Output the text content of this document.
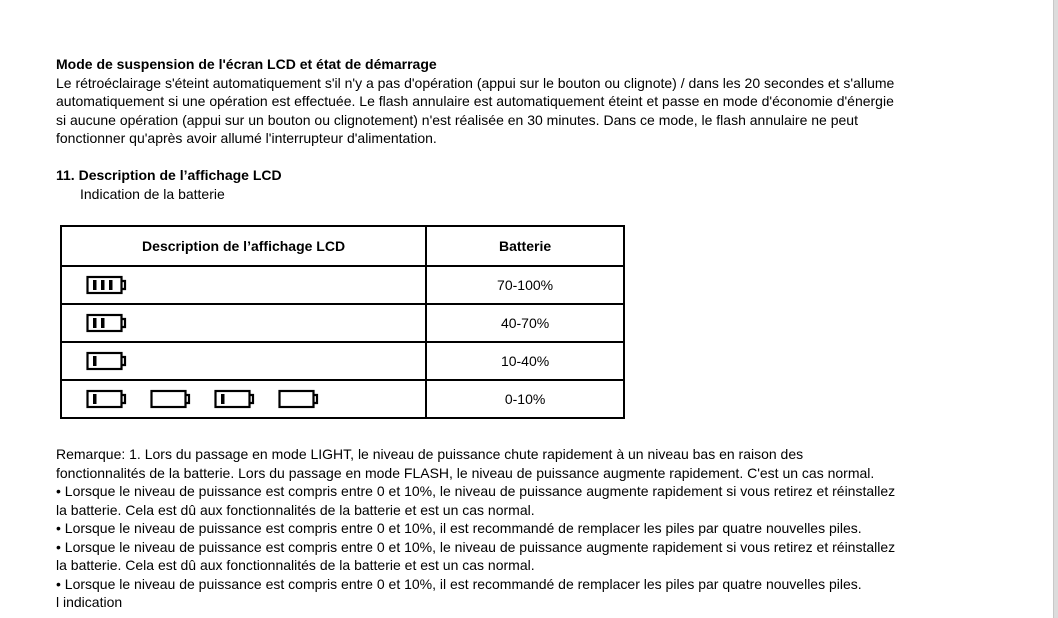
Mode de suspension de l'écran LCD et état de démarrage

Le rétroéclairage s'éteint automatiquement s'il n'y a pas d'opération (appui sur le bouton ou clignote) / dans les 20 secondes et s'allume

automatiquement si une opération est effectuée. Le flash annulaire est automatiquement éteint et passe en mode d'économie d'énergie

si aucune opération (appui sur un bouton ou clignotement) n'est réalisée en 30 minutes. Dans ce mode, le flash annulaire ne peut

fonctionner qu'après avoir allumé l'interrupteur d'alimentation.

11. Description de l’affichage LCD
Indication de la batterie
Description de l’affichage LCD	Batterie

	70-100%

	40-70%

	10-40%

	0-10%

Remarque: 1. Lors du passage en mode LIGHT, le niveau de puissance chute rapidement à un niveau bas en raison des

fonctionnalités de la batterie. Lors du passage en mode FLASH, le niveau de puissance augmente rapidement. C'est un cas normal.

• Lorsque le niveau de puissance est compris entre 0 et 10%, le niveau de puissance augmente rapidement si vous retirez et réinstallez

la batterie. Cela est dû aux fonctionnalités de la batterie et est un cas normal.

• Lorsque le niveau de puissance est compris entre 0 et 10%, il est recommandé de remplacer les piles par quatre nouvelles piles.

• Lorsque le niveau de puissance est compris entre 0 et 10%, le niveau de puissance augmente rapidement si vous retirez et réinstallez

la batterie. Cela est dû aux fonctionnalités de la batterie et est un cas normal.

• Lorsque le niveau de puissance est compris entre 0 et 10%, il est recommandé de remplacer les piles par quatre nouvelles piles.

l indication
